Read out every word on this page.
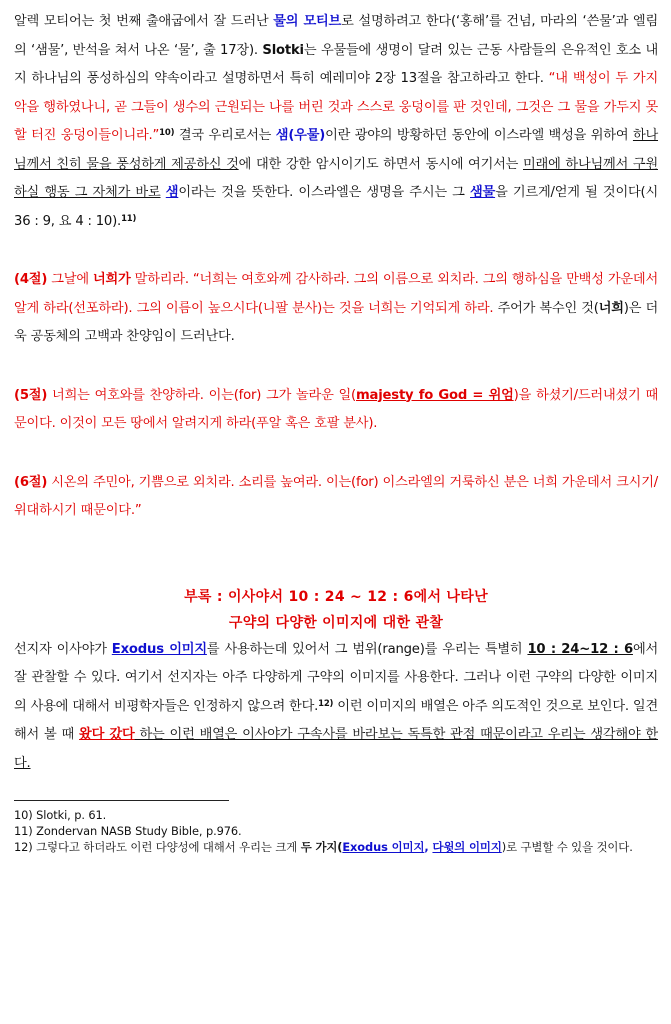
알렉 모티어는 첫 번째 출애굽에서 잘 드러난 물의 모티브로 설명하려고 한다(‘홍해’를 건넘, 마라의 ‘쓴물’과 엘림의 ‘샘물’, 반석을 쳐서 나온 ‘물’, 출 17장). Slotki는 우물들에 생명이 달려 있는 근동 사람들의 은유적인 호소 내지 하나님의 풍성하심의 약속이라고 설명하면서 특히 예레미야 2장 13절을 참고하라고 한다. “내 백성이 두 가지 악을 행하였나니, 곧 그들이 생수의 근원되는 나를 버린 것과 스스로 웅덩이를 판 것인데, 그것은 그 물을 가두지 못할 터진 웅덩이들이니라.”$^{10)}$ 결국 우리로서는 샘(우물)이란 광야의 방황하던 동안에 이스라엘 백성을 위하여 하나님께서 친히 물을 풍성하게 제공하신 것에 대한 강한 암시이기도 하면서 동시에 여기서는 미래에 하나님께서 구원하실 행동 그 자체가 바로 샘이라는 것을 뜻한다. 이스라엘은 생명을 주시는 그 샘물을 기르게/얻게 될 것이다(시 36 : 9, 요 4 : 10).$^{11)}$

(4절) 그날에 너희가 말하리라. “너희는 여호와께 감사하라. 그의 이름으로 외치라. 그의 행하심을 만백성 가운데서 알게 하라(선포하라). 그의 이름이 높으시다(니팔 분사)는 것을 너희는 기억되게 하라. 주어가 복수인 것(너희)은 더욱 공동체의 고백과 찬양임이 드러난다.

(5절) 너희는 여호와를 찬양하라. 이는(for) 그가 놀라운 일(majesty fo God = 위엄)을 하셨기/드러내셨기 때문이다. 이것이 모든 땅에서 알려지게 하라(푸알 혹은 호팔 분사).

(6절) 시온의 주민아, 기쁨으로 외치라. 소리를 높여라. 이는(for) 이스라엘의 거룩하신 분은 너희 가운데서 크시기/위대하시기 때문이다.”

부록 : 이사야서 10 : 24 ~ 12 : 6에서 나타난

구약의 다양한 이미지에 대한 관찰

선지자 이사야가 Exodus 이미지를 사용하는데 있어서 그 범위(range)를 우리는 특별히 10 : 24~12 : 6에서 잘 관찰할 수 있다. 여기서 선지자는 아주 다양하게 구약의 이미지를 사용한다. 그러나 이런 구약의 다양한 이미지의 사용에 대해서 비평학자들은 인정하지 않으려 한다.$^{12)}$ 이런 이미지의 배열은 아주 의도적인 것으로 보인다. 일견해서 볼 때 왔다 갔다 하는 이런 배열은 이사야가 구속사를 바라보는 독특한 관점 때문이라고 우리는 생각해야 한다.

10) Slotki, p. 61.

11) Zondervan NASB Study Bible, p.976.

12) 그렇다고 하더라도 이런 다양성에 대해서 우리는 크게 두 가지(Exodus 이미지, 다윗의 이미지)로 구별할 수 있을 것이다.
